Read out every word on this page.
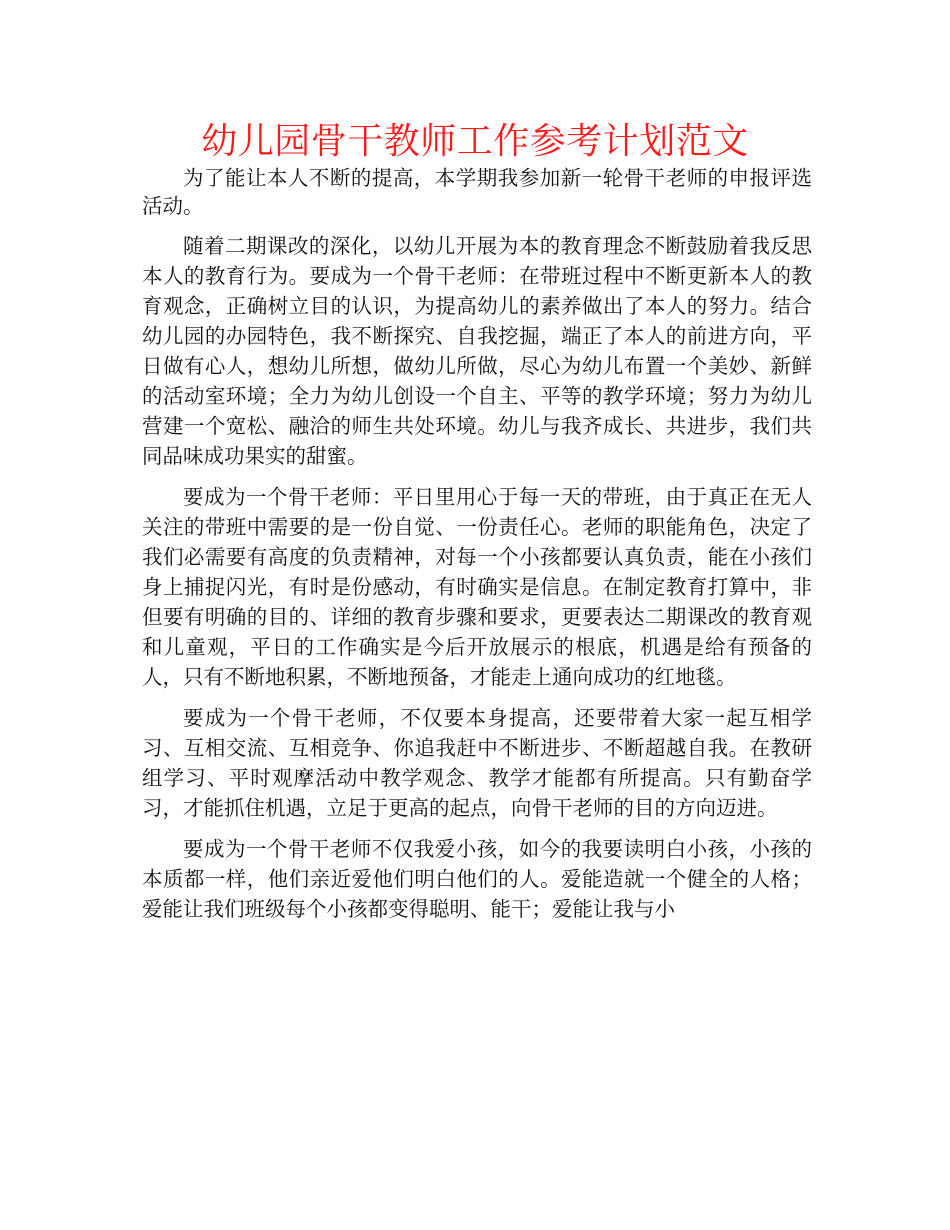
幼儿园骨干教师工作参考计划范文

为了能让本人不断的提高，本学期我参加新一轮骨干老师的申报评选活动。

随着二期课改的深化，以幼儿开展为本的教育理念不断鼓励着我反思本人的教育行为。要成为一个骨干老师：在带班过程中不断更新本人的教育观念，正确树立目的认识，为提高幼儿的素养做出了本人的努力。结合幼儿园的办园特色，我不断探究、自我挖掘，端正了本人的前进方向，平日做有心人，想幼儿所想，做幼儿所做，尽心为幼儿布置一个美妙、新鲜的活动室环境；全力为幼儿创设一个自主、平等的教学环境；努力为幼儿营建一个宽松、融洽的师生共处环境。幼儿与我齐成长、共进步，我们共同品味成功果实的甜蜜。

要成为一个骨干老师：平日里用心于每一天的带班，由于真正在无人关注的带班中需要的是一份自觉、一份责任心。老师的职能角色，决定了我们必需要有高度的负责精神，对每一个小孩都要认真负责，能在小孩们身上捕捉闪光，有时是份感动，有时确实是信息。在制定教育打算中，非但要有明确的目的、详细的教育步骤和要求，更要表达二期课改的教育观和儿童观，平日的工作确实是今后开放展示的根底，机遇是给有预备的人，只有不断地积累，不断地预备，才能走上通向成功的红地毯。

要成为一个骨干老师，不仅要本身提高，还要带着大家一起互相学习、互相交流、互相竞争、你追我赶中不断进步、不断超越自我。在教研组学习、平时观摩活动中教学观念、教学才能都有所提高。只有勤奋学习，才能抓住机遇，立足于更高的起点，向骨干老师的目的方向迈进。

要成为一个骨干老师不仅我爱小孩，如今的我要读明白小孩，小孩的本质都一样，他们亲近爱他们明白他们的人。爱能造就一个健全的人格；爱能让我们班级每个小孩都变得聪明、能干；爱能让我与小
